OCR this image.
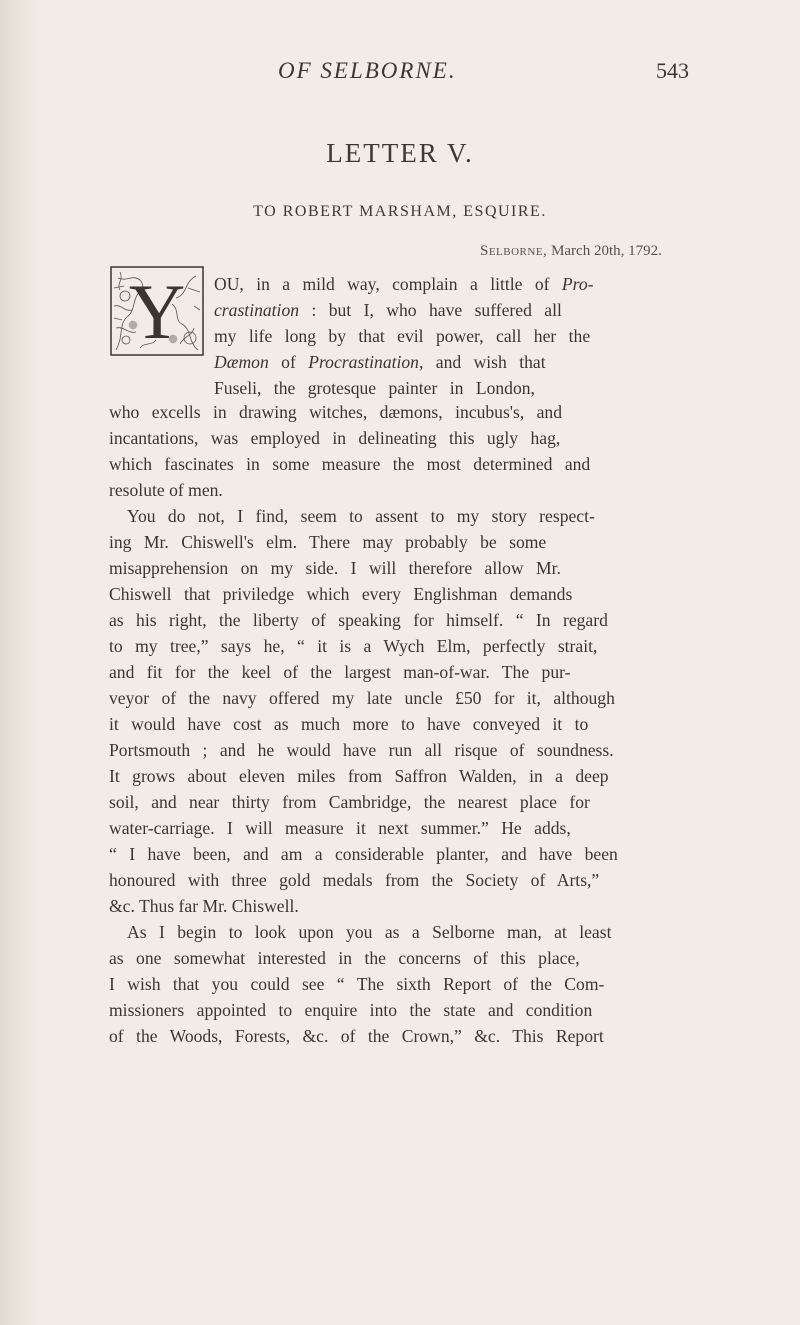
OF SELBORNE.	543
LETTER V.
TO ROBERT MARSHAM, ESQUIRE.
Selborne, March 20th, 1792.
Y OU, in a mild way, complain a little of Pro-
crastination : but I, who have suffered all
my life long by that evil power, call her the
Dæmon of Procrastination, and wish that
Fuseli, the grotesque painter in London,
who excells in drawing witches, dæmons, incubus's, and
incantations, was employed in delineating this ugly hag,
which fascinates in some measure the most determined and
resolute of men.
You do not, I find, seem to assent to my story respect-
ing Mr. Chiswell's elm. There may probably be some
misapprehension on my side. I will therefore allow Mr.
Chiswell that priviledge which every Englishman demands
as his right, the liberty of speaking for himself. “ In regard
to my tree,” says he, “ it is a Wych Elm, perfectly strait,
and fit for the keel of the largest man-of-war. The pur-
veyor of the navy offered my late uncle £50 for it, although
it would have cost as much more to have conveyed it to
Portsmouth ; and he would have run all risque of soundness.
It grows about eleven miles from Saffron Walden, in a deep
soil, and near thirty from Cambridge, the nearest place for
water-carriage. I will measure it next summer.” He adds,
“ I have been, and am a considerable planter, and have been
honoured with three gold medals from the Society of Arts,”
&c. Thus far Mr. Chiswell.
As I begin to look upon you as a Selborne man, at least
as one somewhat interested in the concerns of this place,
I wish that you could see “ The sixth Report of the Com-
missioners appointed to enquire into the state and condition
of the Woods, Forests, &c. of the Crown,” &c. This Report
